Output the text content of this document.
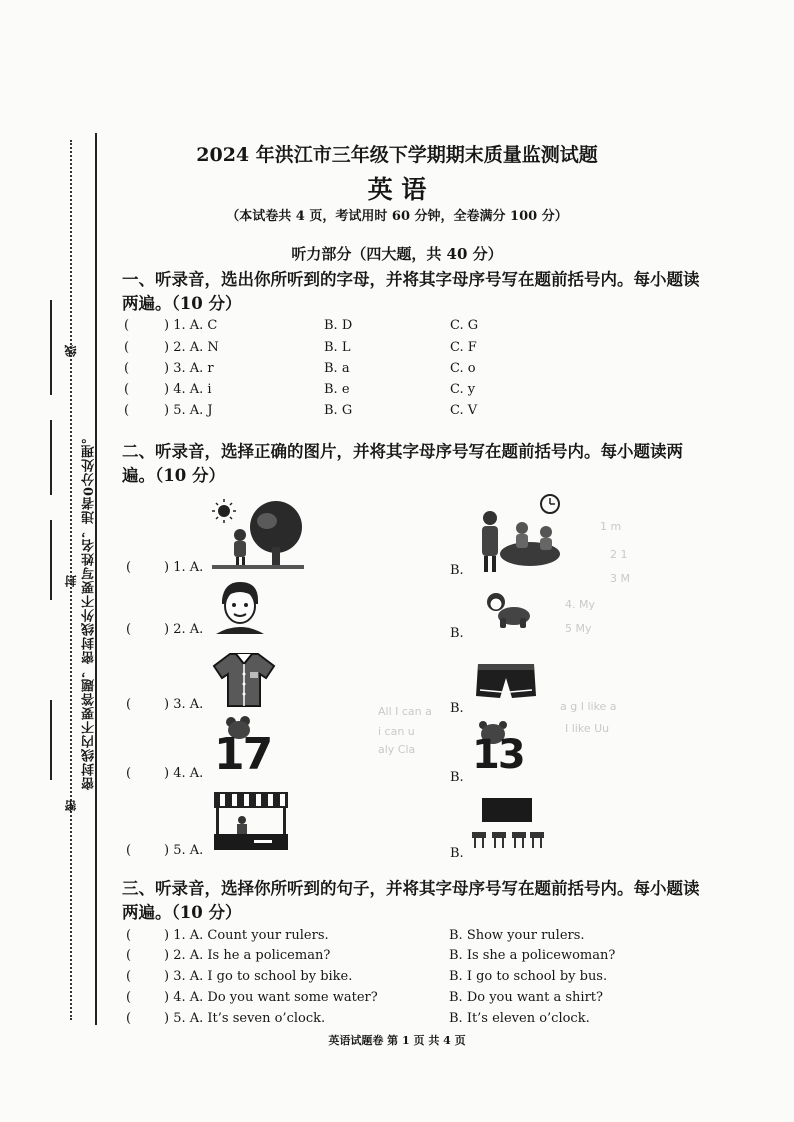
线
封
密
密封线内不要答题，密封线外不要写姓名，违者0分处理。
2024 年洪江市三年级下学期期末质量监测试题
英 语
（本试卷共 4 页，考试用时 60 分钟，全卷满分 100 分）
听力部分（四大题，共 40 分）
一、听录音，选出你所听到的字母，并将其字母序号写在题前括号内。每小题读两遍。（10 分）
(	) 1. A. C	B. D	C. G
(	) 2. A. N	B. L	C. F
(	) 3. A. r	B. a	C. o
(	) 4. A. i	B. e	C. y
(	) 5. A. J	B. G	C. V
二、听录音，选择正确的图片，并将其字母序号写在题前括号内。每小题读两遍。（10 分）
(	) 1. A.	B.
(	) 2. A.	B.
(	) 3. A.	B.
(	) 4. A. 17	B. 13
(	) 5. A.	B.
1 m
2 1
3 M
4. My
5 My
a g I like a
I like Uu
All I can a
i can u
aly Cla
三、听录音，选择你所听到的句子，并将其字母序号写在题前括号内。每小题读两遍。（10 分）
(	) 1. A. Count your rulers.	B. Show your rulers.
(	) 2. A. Is he a policeman?	B. Is she a policewoman?
(	) 3. A. I go to school by bike.	B. I go to school by bus.
(	) 4. A. Do you want some water?	B. Do you want a shirt?
(	) 5. A. It’s seven o’clock.	B. It’s eleven o’clock.
英语试题卷 第 1 页 共 4 页
